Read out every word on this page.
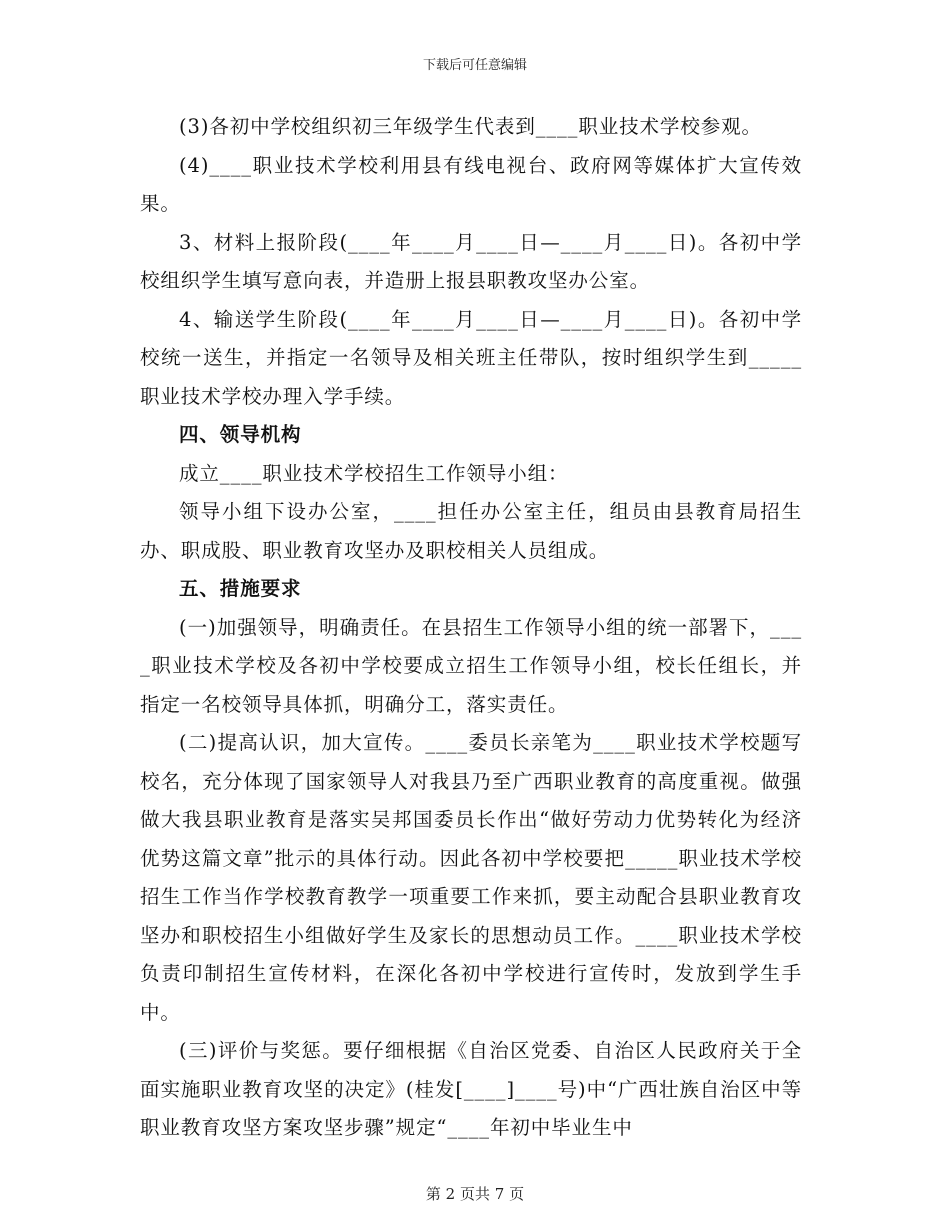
下载后可任意编辑

(3)各初中学校组织初三年级学生代表到____职业技术学校参观。

(4)____职业技术学校利用县有线电视台、政府网等媒体扩大宣传效果。

3、材料上报阶段(____年____月____日—____月____日)。各初中学校组织学生填写意向表，并造册上报县职教攻坚办公室。

4、输送学生阶段(____年____月____日—____月____日)。各初中学校统一送生，并指定一名领导及相关班主任带队，按时组织学生到_____职业技术学校办理入学手续。

四、领导机构

成立____职业技术学校招生工作领导小组：

领导小组下设办公室，____担任办公室主任，组员由县教育局招生办、职成股、职业教育攻坚办及职校相关人员组成。

五、措施要求

(一)加强领导，明确责任。在县招生工作领导小组的统一部署下，____职业技术学校及各初中学校要成立招生工作领导小组，校长任组长，并指定一名校领导具体抓，明确分工，落实责任。

(二)提高认识，加大宣传。____委员长亲笔为____职业技术学校题写校名，充分体现了国家领导人对我县乃至广西职业教育的高度重视。做强做大我县职业教育是落实吴邦国委员长作出“做好劳动力优势转化为经济优势这篇文章”批示的具体行动。因此各初中学校要把_____职业技术学校招生工作当作学校教育教学一项重要工作来抓，要主动配合县职业教育攻坚办和职校招生小组做好学生及家长的思想动员工作。____职业技术学校负责印制招生宣传材料，在深化各初中学校进行宣传时，发放到学生手中。

(三)评价与奖惩。要仔细根据《自治区党委、自治区人民政府关于全面实施职业教育攻坚的决定》(桂发[____]____号)中“广西壮族自治区中等职业教育攻坚方案攻坚步骤”规定“____年初中毕业生中

第 2 页共 7 页
